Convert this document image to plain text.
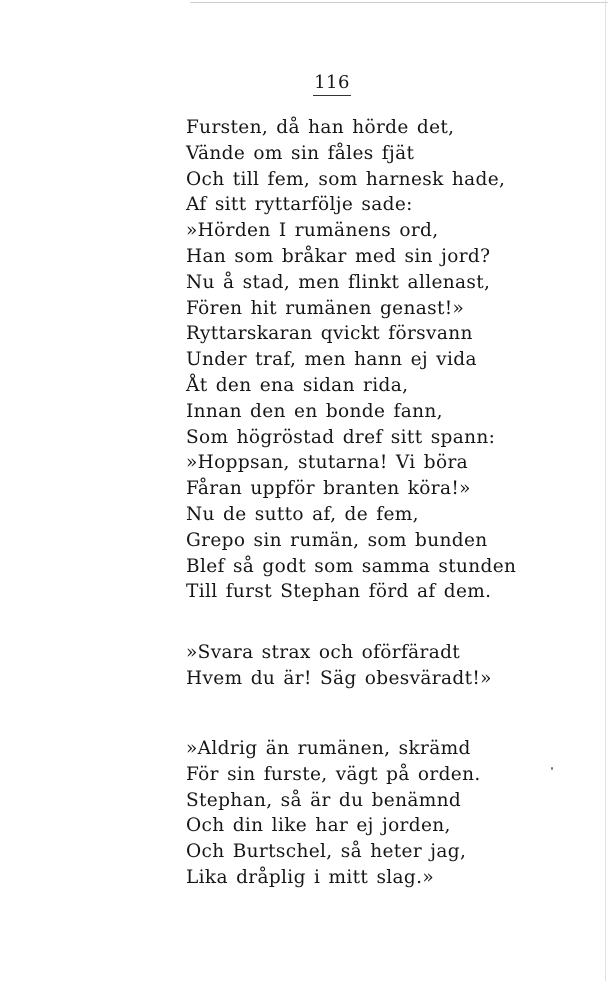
116
Fursten, då han hörde det,
Vände om sin fåles fjät
Och till fem, som harnesk hade,
Af sitt ryttarfölje sade:
»Hörden I rumänens ord,
Han som bråkar med sin jord?
Nu å stad, men flinkt allenast,
Fören hit rumänen genast!»
Ryttarskaran qvickt försvann
Under traf, men hann ej vida
Åt den ena sidan rida,
Innan den en bonde fann,
Som högröstad dref sitt spann:
»Hoppsan, stutarna! Vi böra
Fåran uppför branten köra!»
Nu de sutto af, de fem,
Grepo sin rumän, som bunden
Blef så godt som samma stunden
Till furst Stephan förd af dem.
»Svara strax och oförfäradt
Hvem du är! Säg obesväradt!»
»Aldrig än rumänen, skrämd
För sin furste, vägt på orden.
Stephan, så är du benämnd
Och din like har ej jorden,
Och Burtschel, så heter jag,
Lika dråplig i mitt slag.»
